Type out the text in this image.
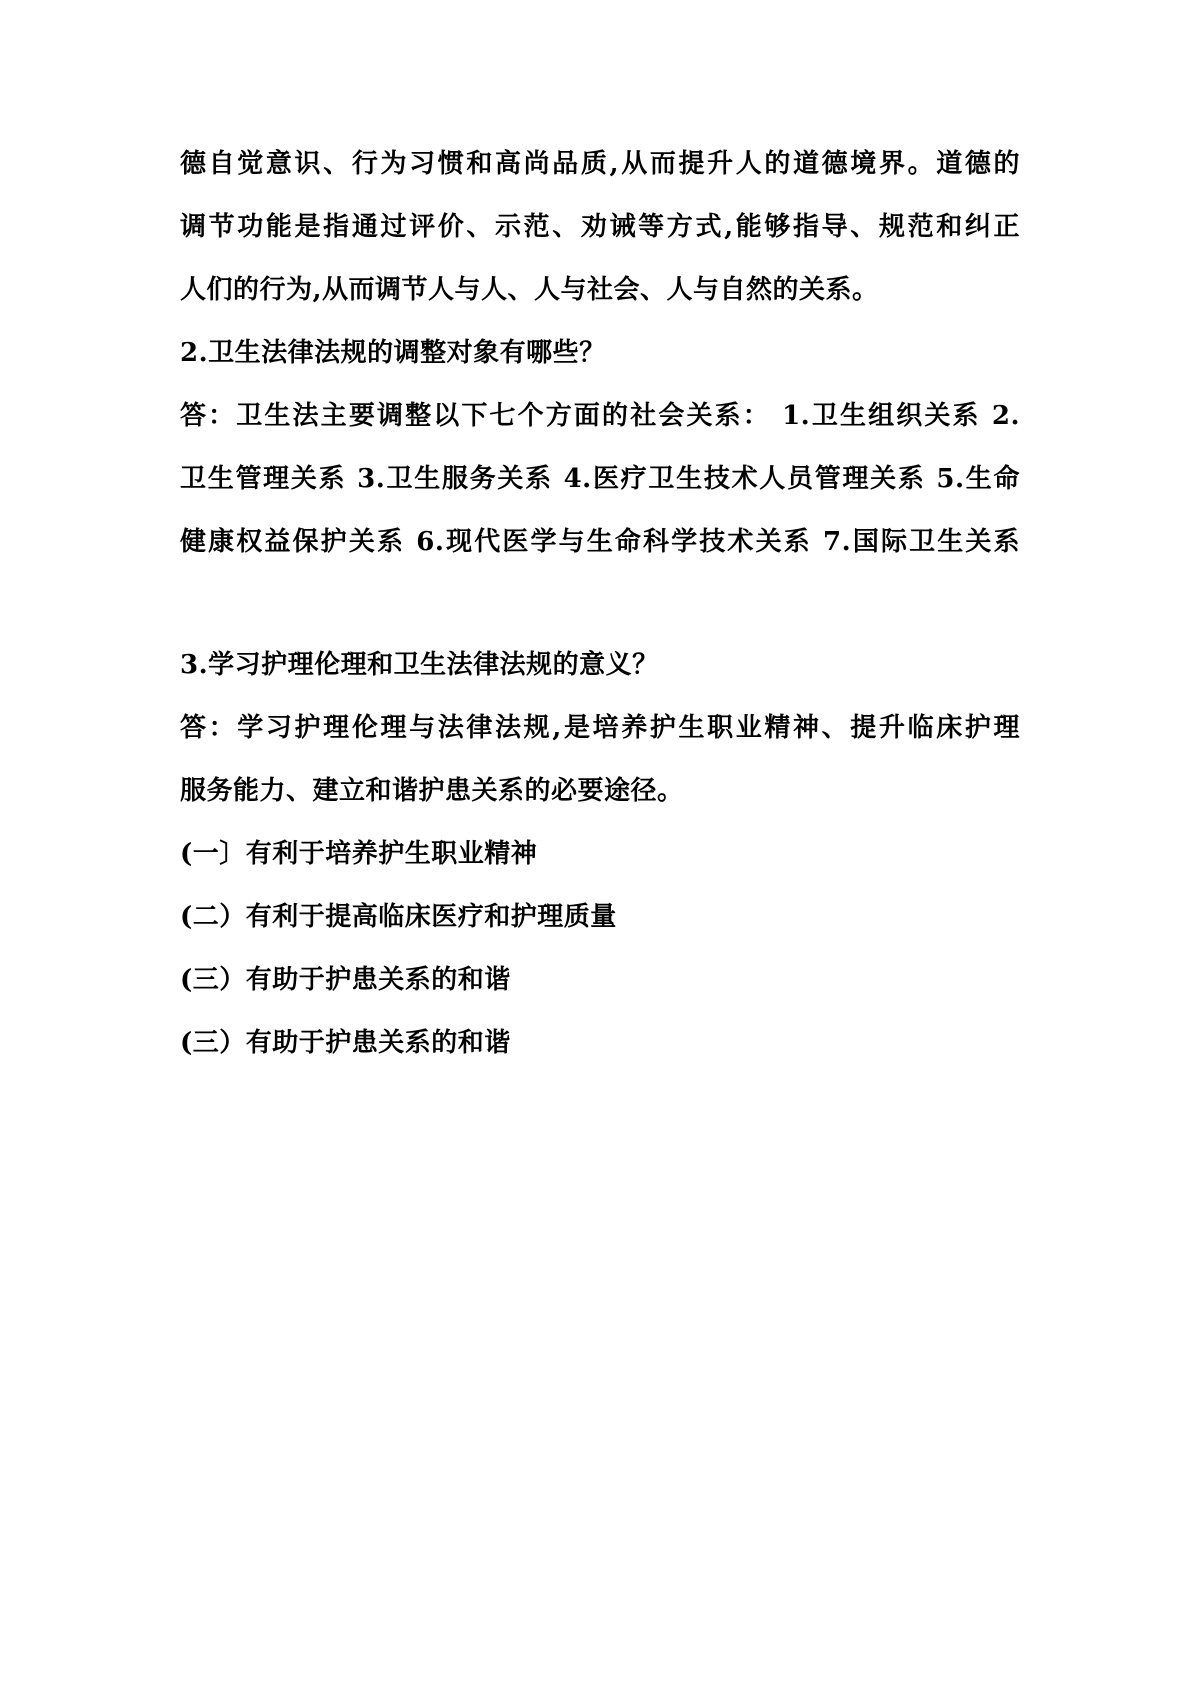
德自觉意识、行为习惯和高尚品质,从而提升人的道德境界。道德的
调节功能是指通过评价、示范、劝诫等方式,能够指导、规范和纠正
人们的行为,从而调节人与人、人与社会、人与自然的关系。
2.卫生法律法规的调整对象有哪些？
答：卫生法主要调整以下七个方面的社会关系： 1.卫生组织关系 2.
卫生管理关系 3.卫生服务关系 4.医疗卫生技术人员管理关系 5.生命
健康权益保护关系 6.现代医学与生命科学技术关系 7.国际卫生关系
3.学习护理伦理和卫生法律法规的意义？
答：学习护理伦理与法律法规,是培养护生职业精神、提升临床护理
服务能力、建立和谐护患关系的必要途径。
(一〕有利于培养护生职业精神
(二）有利于提高临床医疗和护理质量
(三）有助于护患关系的和谐
(三）有助于护患关系的和谐
